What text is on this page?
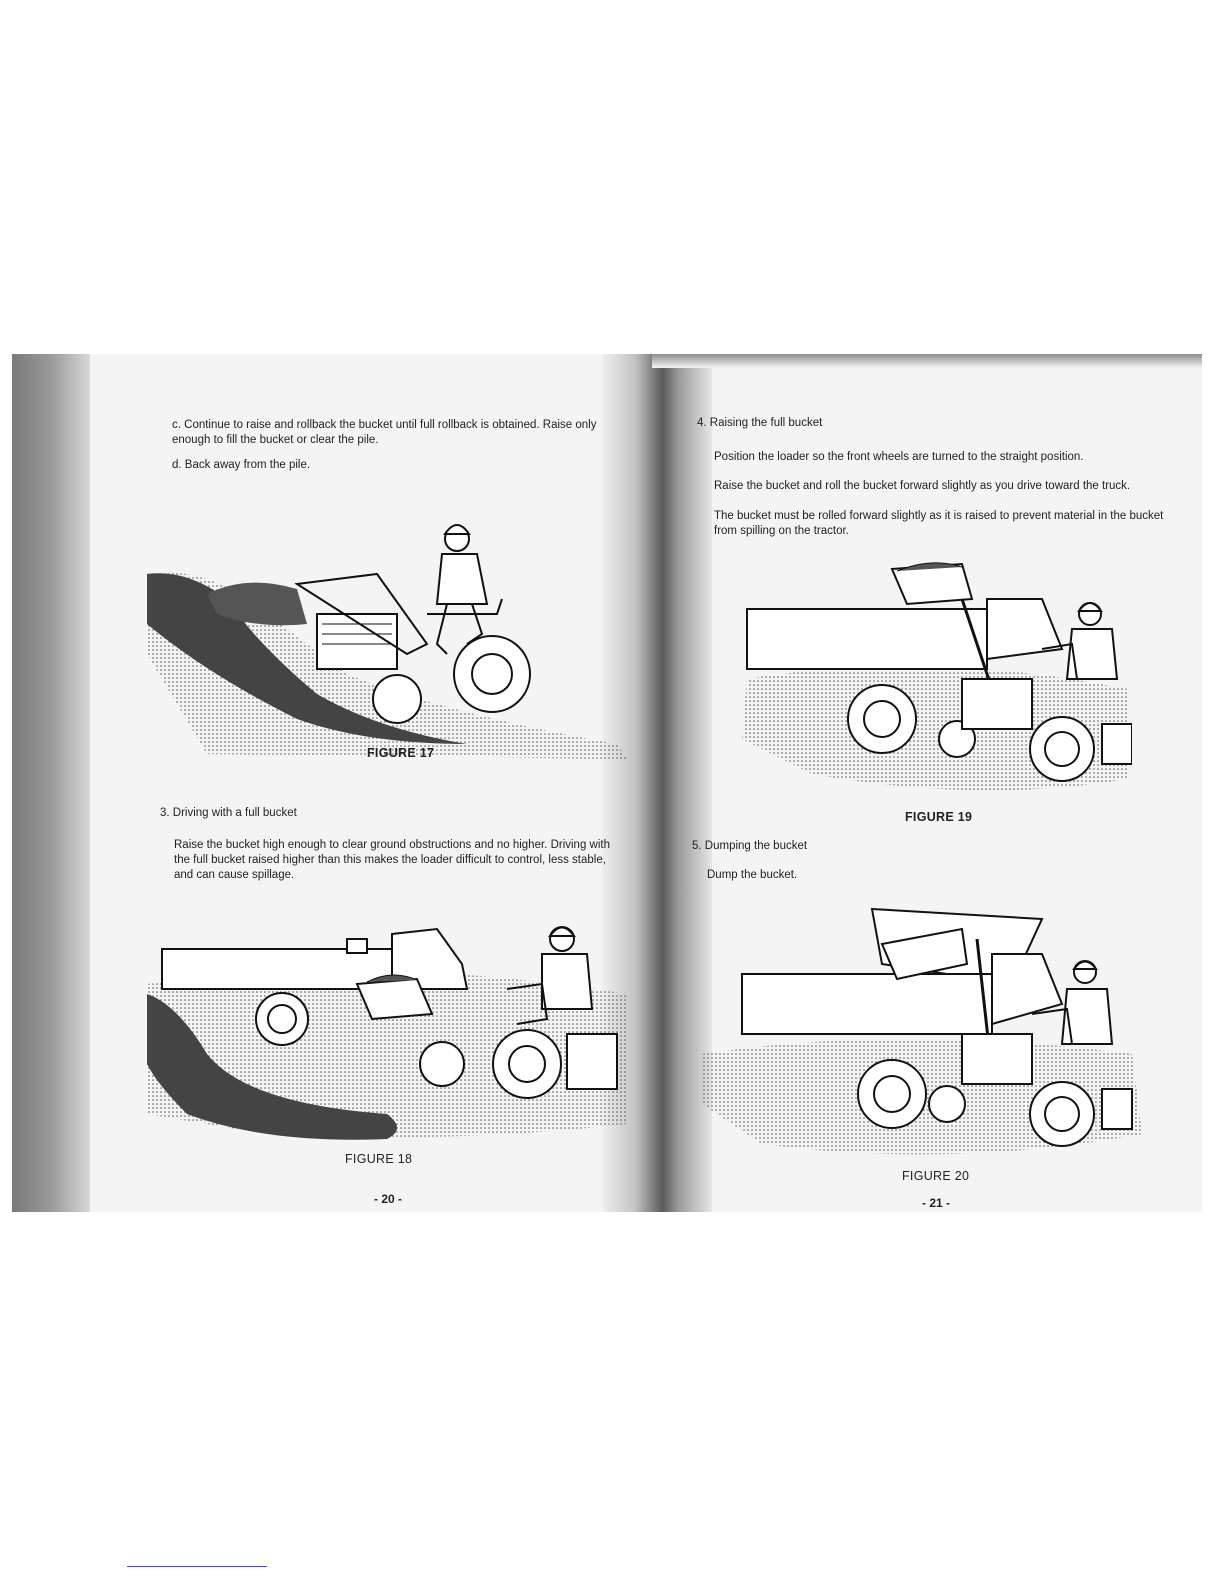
c. Continue to raise and rollback the bucket until full rollback is obtained. Raise only enough to fill the bucket or clear the pile.

d. Back away from the pile.

FIGURE 17

3. Driving with a full bucket

Raise the bucket high enough to clear ground obstructions and no higher. Driving with the full bucket raised higher than this makes the loader difficult to control, less stable, and can cause spillage.

FIGURE 18
- 20 -

4. Raising the full bucket

Position the loader so the front wheels are turned to the straight position.

Raise the bucket and roll the bucket forward slightly as you drive toward the truck.

The bucket must be rolled forward slightly as it is raised to prevent material in the bucket from spilling on the tractor.

FIGURE 19

5. Dumping the bucket

Dump the bucket.

FIGURE 20
- 21 -
